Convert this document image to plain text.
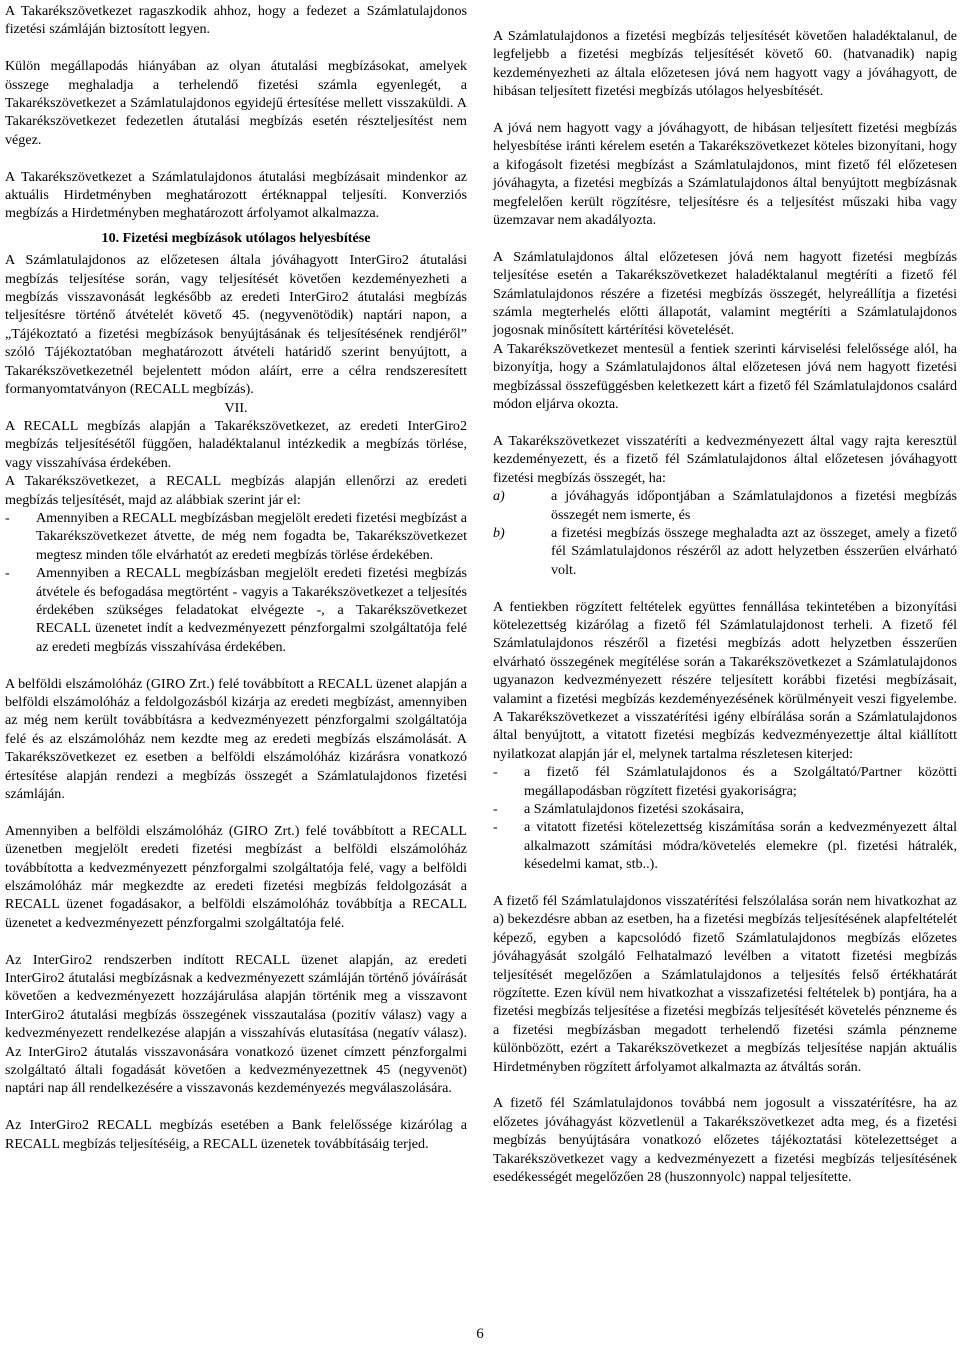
A Takarékszövetkezet ragaszkodik ahhoz, hogy a fedezet a Számlatulajdonos fizetési számláján biztosított legyen.

Külön megállapodás hiányában az olyan átutalási megbízásokat, amelyek összege meghaladja a terhelendő fizetési számla egyenlegét, a Takarékszövetkezet a Számlatulajdonos egyidejű értesítése mellett visszaküldi. A Takarékszövetkezet fedezetlen átutalási megbízás esetén részteljesítést nem végez.

A Takarékszövetkezet a Számlatulajdonos átutalási megbízásait mindenkor az aktuális Hirdetményben meghatározott értéknappal teljesíti. Konverziós megbízás a Hirdetményben meghatározott árfolyamot alkalmazza.

10. Fizetési megbízások utólagos helyesbítése

A Számlatulajdonos az előzetesen általa jóváhagyott InterGiro2 átutalási megbízás teljesítése során, vagy teljesítését követően kezdeményezheti a megbízás visszavonását legkésőbb az eredeti InterGiro2 átutalási megbízás teljesítésre történő átvételét követő 45. (negyvenötödik) naptári napon, a „Tájékoztató a fizetési megbízások benyújtásának és teljesítésének rendjéről” szóló Tájékoztatóban meghatározott átvételi határidő szerint benyújtott, a Takarékszövetkezetnél bejelentett módon aláírt, erre a célra rendszeresített formanyomtatványon (RECALL megbízás).

VII.

A RECALL megbízás alapján a Takarékszövetkezet, az eredeti InterGiro2 megbízás teljesítésétől függően, haladéktalanul intézkedik a megbízás törlése, vagy visszahívása érdekében.

A Takarékszövetkezet, a RECALL megbízás alapján ellenőrzi az eredeti megbízás teljesítését, majd az alábbiak szerint jár el:

-	Amennyiben a RECALL megbízásban megjelölt eredeti fizetési megbízást a Takarékszövetkezet átvette, de még nem fogadta be, Takarékszövetkezet megtesz minden tőle elvárhatót az eredeti megbízás törlése érdekében.
-	Amennyiben a RECALL megbízásban megjelölt eredeti fizetési megbízás átvétele és befogadása megtörtént - vagyis a Takarékszövetkezet a teljesítés érdekében szükséges feladatokat elvégezte -, a Takarékszövetkezet RECALL üzenetet indít a kedvezményezett pénzforgalmi szolgáltatója felé az eredeti megbízás visszahívása érdekében.

A belföldi elszámolóház (GIRO Zrt.) felé továbbított a RECALL üzenet alapján a belföldi elszámolóház a feldolgozásból kizárja az eredeti megbízást, amennyiben az még nem került továbbításra a kedvezményezett pénzforgalmi szolgáltatója felé és az elszámolóház nem kezdte meg az eredeti megbízás elszámolását. A Takarékszövetkezet ez esetben a belföldi elszámolóház kizárásra vonatkozó értesítése alapján rendezi a megbízás összegét a Számlatulajdonos fizetési számláján.

Amennyiben a belföldi elszámolóház (GIRO Zrt.) felé továbbított a RECALL üzenetben megjelölt eredeti fizetési megbízást a belföldi elszámolóház továbbította a kedvezményezett pénzforgalmi szolgáltatója felé, vagy a belföldi elszámolóház már megkezdte az eredeti fizetési megbízás feldolgozását a RECALL üzenet fogadásakor, a belföldi elszámolóház továbbítja a RECALL üzenetet a kedvezményezett pénzforgalmi szolgáltatója felé.

Az InterGiro2 rendszerben indított RECALL üzenet alapján, az eredeti InterGiro2 átutalási megbízásnak a kedvezményezett számláján történő jóváírását követően a kedvezményezett hozzájárulása alapján történik meg a visszavont InterGiro2 átutalási megbízás összegének visszautalása (pozitív válasz) vagy a kedvezményezett rendelkezése alapján a visszahívás elutasítása (negatív válasz). Az InterGiro2 átutalás visszavonására vonatkozó üzenet címzett pénzforgalmi szolgáltató általi fogadását követően a kedvezményezettnek 45 (negyvenöt) naptári nap áll rendelkezésére a visszavonás kezdeményezés megválaszolására.

Az InterGiro2 RECALL megbízás esetében a Bank felelőssége kizárólag a RECALL megbízás teljesítéséig, a RECALL üzenetek továbbításáig terjed.

A Számlatulajdonos a fizetési megbízás teljesítését követően haladéktalanul, de legfeljebb a fizetési megbízás teljesítését követő 60. (hatvanadik) napig kezdeményezheti az általa előzetesen jóvá nem hagyott vagy a jóváhagyott, de hibásan teljesített fizetési megbízás utólagos helyesbítését.

A jóvá nem hagyott vagy a jóváhagyott, de hibásan teljesített fizetési megbízás helyesbítése iránti kérelem esetén a Takarékszövetkezet köteles bizonyítani, hogy a kifogásolt fizetési megbízást a Számlatulajdonos, mint fizető fél előzetesen jóváhagyta, a fizetési megbízás a Számlatulajdonos által benyújtott megbízásnak megfelelően került rögzítésre, teljesítésre és a teljesítést műszaki hiba vagy üzemzavar nem akadályozta.

A Számlatulajdonos által előzetesen jóvá nem hagyott fizetési megbízás teljesítése esetén a Takarékszövetkezet haladéktalanul megtéríti a fizető fél Számlatulajdonos részére a fizetési megbízás összegét, helyreállítja a fizetési számla megterhelés előtti állapotát, valamint megtéríti a Számlatulajdonos jogosnak minősített kártérítési követelését.

A Takarékszövetkezet mentesül a fentiek szerinti kárviselési felelőssége alól, ha bizonyítja, hogy a Számlatulajdonos által előzetesen jóvá nem hagyott fizetési megbízással összefüggésben keletkezett kárt a fizető fél Számlatulajdonos csalárd módon eljárva okozta.

A Takarékszövetkezet visszatéríti a kedvezményezett által vagy rajta keresztül kezdeményezett, és a fizető fél Számlatulajdonos által előzetesen jóváhagyott fizetési megbízás összegét, ha:

a)	a jóváhagyás időpontjában a Számlatulajdonos a fizetési megbízás összegét nem ismerte, és
b)	a fizetési megbízás összege meghaladta azt az összeget, amely a fizető fél Számlatulajdonos részéről az adott helyzetben ésszerűen elvárható volt.

A fentiekben rögzített feltételek együttes fennállása tekintetében a bizonyítási kötelezettség kizárólag a fizető fél Számlatulajdonost terheli. A fizető fél Számlatulajdonos részéről a fizetési megbízás adott helyzetben ésszerűen elvárható összegének megítélése során a Takarékszövetkezet a Számlatulajdonos ugyanazon kedvezményezett részére teljesített korábbi fizetési megbízásait, valamint a fizetési megbízás kezdeményezésének körülményeit veszi figyelembe. A Takarékszövetkezet a visszatérítési igény elbírálása során a Számlatulajdonos által benyújtott, a vitatott fizetési megbízás kedvezményezettje által kiállított nyilatkozat alapján jár el, melynek tartalma részletesen kiterjed:

-	a fizető fél Számlatulajdonos és a Szolgáltató/Partner közötti megállapodásban rögzített fizetési gyakoriságra;
-	a Számlatulajdonos fizetési szokásaira,
-	a vitatott fizetési kötelezettség kiszámítása során a kedvezményezett által alkalmazott számítási módra/követelés elemekre (pl. fizetési hátralék, késedelmi kamat, stb..).

A fizető fél Számlatulajdonos visszatérítési felszólalása során nem hivatkozhat az a) bekezdésre abban az esetben, ha a fizetési megbízás teljesítésének alapfeltételét képező, egyben a kapcsolódó fizető Számlatulajdonos megbízás előzetes jóváhagyását szolgáló Felhatalmazó levélben a vitatott fizetési megbízás teljesítését megelőzően a Számlatulajdonos a teljesítés felső értékhatárát rögzítette. Ezen kívül nem hivatkozhat a visszafizetési feltételek b) pontjára, ha a fizetési megbízás teljesítése a fizetési megbízás teljesítését követelés pénzneme és a fizetési megbízásban megadott terhelendő fizetési számla pénzneme különbözött, ezért a Takarékszövetkezet a megbízás teljesítése napján aktuális Hirdetményben rögzített árfolyamot alkalmazta az átváltás során.

A fizető fél Számlatulajdonos továbbá nem jogosult a visszatérítésre, ha az előzetes jóváhagyást közvetlenül a Takarékszövetkezet adta meg, és a fizetési megbízás benyújtására vonatkozó előzetes tájékoztatási kötelezettséget a Takarékszövetkezet vagy a kedvezményezett a fizetési megbízás teljesítésének esedékességét megelőzően 28 (huszonnyolc) nappal teljesítette.

6
